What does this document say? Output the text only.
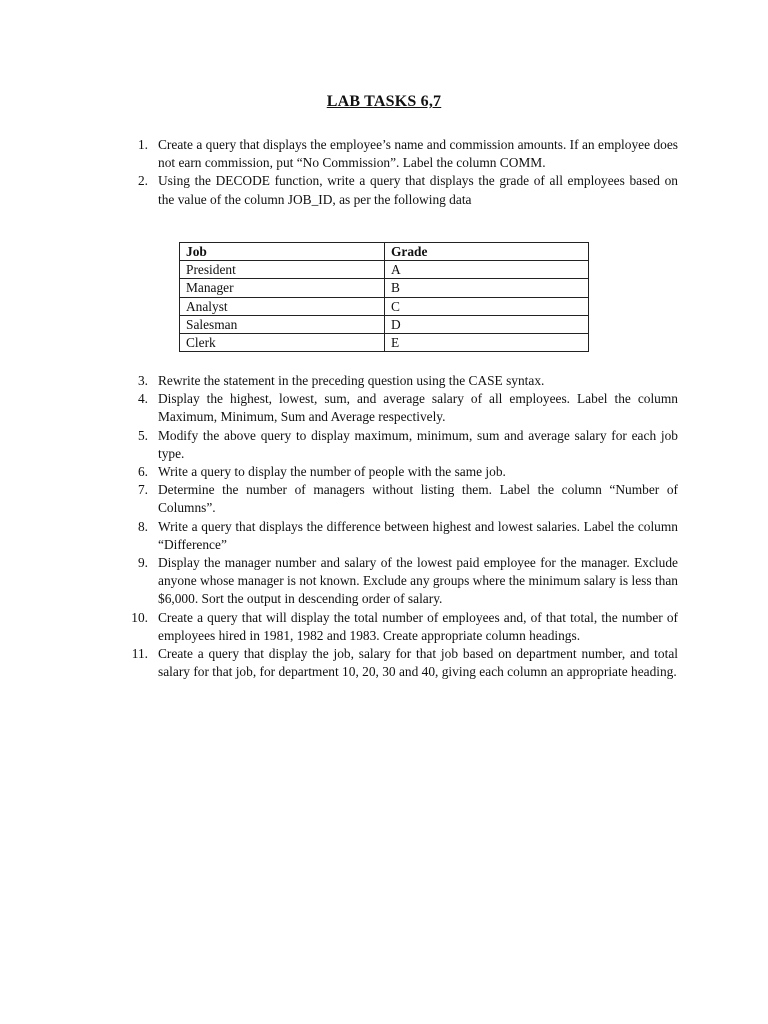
LAB TASKS 6,7
1. Create a query that displays the employee’s name and commission amounts. If an employee does not earn commission, put “No Commission”. Label the column COMM.
2. Using the DECODE function, write a query that displays the grade of all employees based on the value of the column JOB_ID, as per the following data
Job	Grade
President	A
Manager	B
Analyst	C
Salesman	D
Clerk	E
3. Rewrite the statement in the preceding question using the CASE syntax.
4. Display the highest, lowest, sum, and average salary of all employees. Label the column Maximum, Minimum, Sum and Average respectively.
5. Modify the above query to display maximum, minimum, sum and average salary for each job type.
6. Write a query to display the number of people with the same job.
7. Determine the number of managers without listing them. Label the column “Number of Columns”.
8. Write a query that displays the difference between highest and lowest salaries. Label the column “Difference”
9. Display the manager number and salary of the lowest paid employee for the manager. Exclude anyone whose manager is not known. Exclude any groups where the minimum salary is less than $6,000. Sort the output in descending order of salary.
10. Create a query that will display the total number of employees and, of that total, the number of employees hired in 1981, 1982 and 1983. Create appropriate column headings.
11. Create a query that display the job, salary for that job based on department number, and total salary for that job, for department 10, 20, 30 and 40, giving each column an appropriate heading.
